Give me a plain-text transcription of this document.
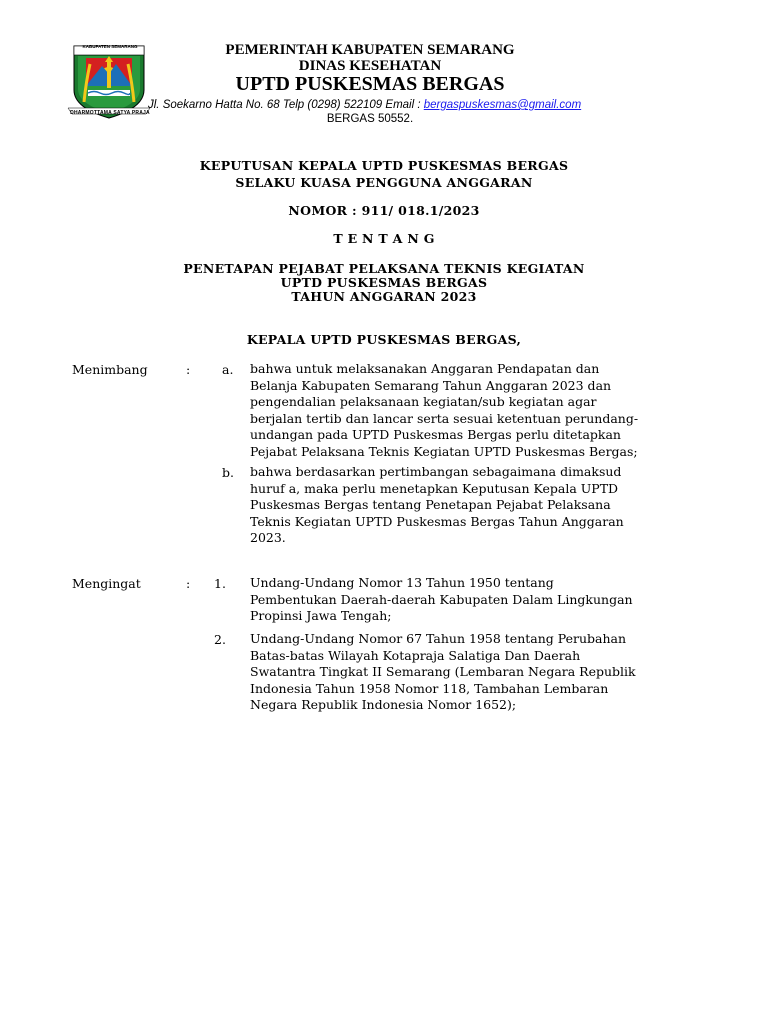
KABUPATEN SEMARANG
DHARMOTTAMA SATYA PRAJA
PEMERINTAH KABUPATEN SEMARANG
DINAS KESEHATAN
UPTD PUSKESMAS BERGAS
Jl. Soekarno Hatta No. 68 Telp (0298) 522109 Email : bergaspuskesmas@gmail.com
BERGAS 50552.
KEPUTUSAN KEPALA UPTD PUSKESMAS BERGAS
SELAKU KUASA PENGGUNA ANGGARAN
NOMOR : 911/ 018.1/2023
T E N T A N G
PENETAPAN PEJABAT PELAKSANA TEKNIS KEGIATAN
UPTD PUSKESMAS BERGAS
TAHUN ANGGARAN 2023
KEPALA UPTD PUSKESMAS BERGAS,
Menimbang	:	a. bahwa untuk melaksanakan Anggaran Pendapatan dan
Belanja Kabupaten Semarang Tahun Anggaran 2023 dan
pengendalian pelaksanaan kegiatan/sub kegiatan agar
berjalan tertib dan lancar serta sesuai ketentuan perundang-
undangan pada UPTD Puskesmas Bergas perlu ditetapkan
Pejabat Pelaksana Teknis Kegiatan UPTD Puskesmas Bergas;
b. bahwa berdasarkan pertimbangan sebagaimana dimaksud
huruf a, maka perlu menetapkan Keputusan Kepala UPTD
Puskesmas Bergas tentang Penetapan Pejabat Pelaksana
Teknis Kegiatan UPTD Puskesmas Bergas Tahun Anggaran
2023.
Mengingat	: 1. Undang-Undang Nomor 13 Tahun 1950 tentang
Pembentukan Daerah-daerah Kabupaten Dalam Lingkungan
Propinsi Jawa Tengah;
2. Undang-Undang Nomor 67 Tahun 1958 tentang Perubahan
Batas-batas Wilayah Kotapraja Salatiga Dan Daerah
Swatantra Tingkat II Semarang (Lembaran Negara Republik
Indonesia Tahun 1958 Nomor 118, Tambahan Lembaran
Negara Republik Indonesia Nomor 1652);
